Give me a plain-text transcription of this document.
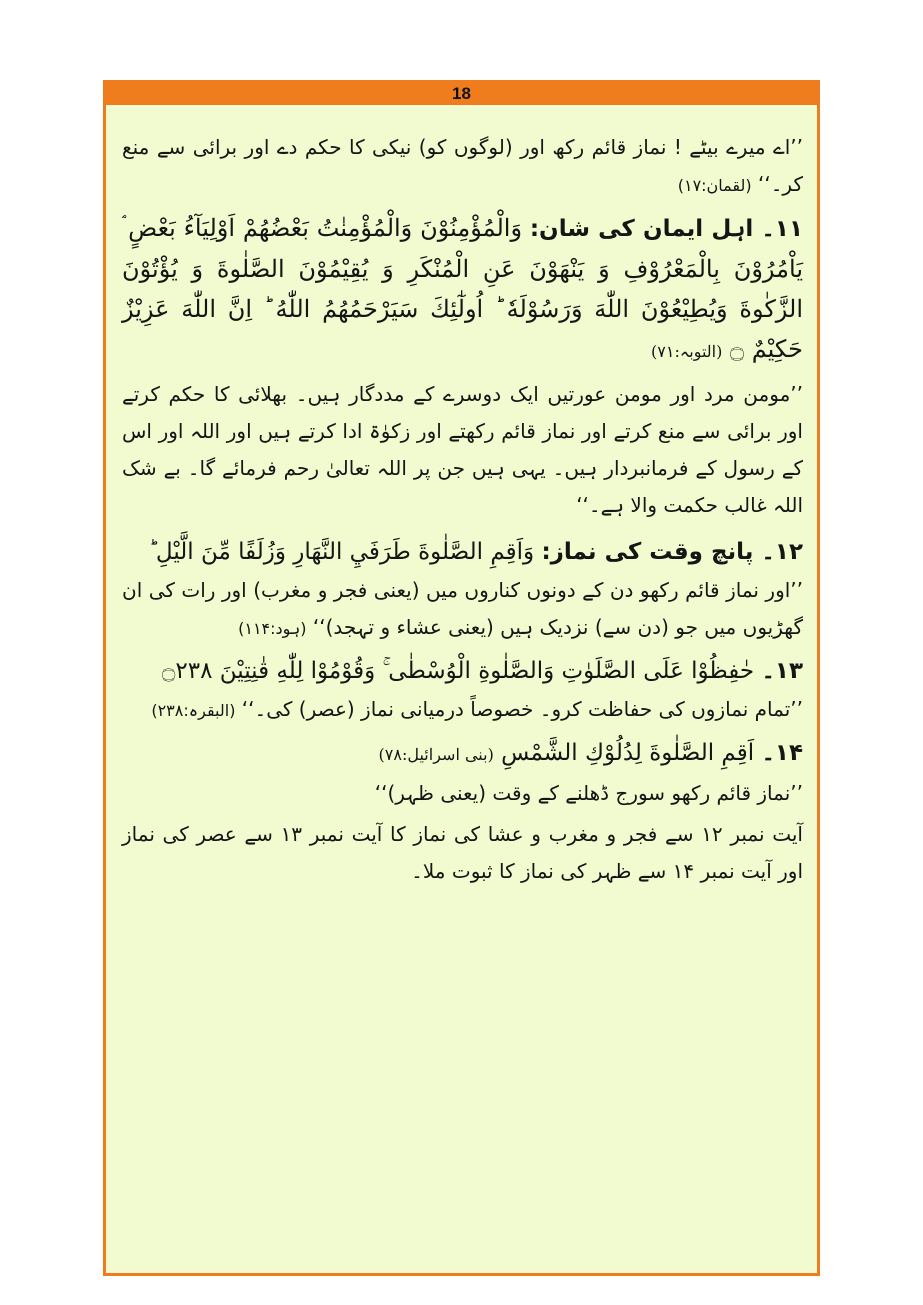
18

’’اے میرے بیٹے ! نماز قائم رکھ اور (لوگوں کو) نیکی کا حکم دے اور برائی سے منع کر۔‘‘ (لقمان:۱۷)

۱۱۔ اہل ایمان کی شان: وَالْمُؤْمِنُوْنَ وَالْمُؤْمِنٰتُ بَعْضُهُمْ اَوْلِيَآءُ بَعْضٍ ۘ يَاْمُرُوْنَ بِالْمَعْرُوْفِ وَ يَنْهَوْنَ عَنِ الْمُنْكَرِ وَ يُقِيْمُوْنَ الصَّلٰوةَ وَ يُؤْتُوْنَ الزَّكٰوةَ وَيُطِيْعُوْنَ اللّٰهَ وَرَسُوْلَهٗ ؕ اُولٰٓئِكَ سَيَرْحَمُهُمُ اللّٰهُ ؕ اِنَّ اللّٰهَ عَزِيْزٌ حَكِيْمٌ ۝ (التوبہ:۷۱)

’’مومن مرد اور مومن عورتیں ایک دوسرے کے مددگار ہیں۔ بھلائی کا حکم کرتے اور برائی سے منع کرتے اور نماز قائم رکھتے اور زکوٰۃ ادا کرتے ہیں اور اللہ اور اس کے رسول کے فرمانبردار ہیں۔ یہی ہیں جن پر اللہ تعالیٰ رحم فرمائے گا۔ بے شک اللہ غالب حکمت والا ہے۔‘‘

۱۲۔ پانچ وقت کی نماز: وَاَقِمِ الصَّلٰوةَ طَرَفَيِ النَّهَارِ وَزُلَفًا مِّنَ الَّيْلِ ؕ

’’اور نماز قائم رکھو دن کے دونوں کناروں میں (یعنی فجر و مغرب) اور رات کی ان گھڑیوں میں جو (دن سے) نزدیک ہیں (یعنی عشاء و تہجد)‘‘ (ہود:۱۱۴)

۱۳۔ حٰفِظُوْا عَلَى الصَّلَوٰتِ وَالصَّلٰوةِ الْوُسْطٰى ۚ وَقُوْمُوْا لِلّٰهِ قٰنِتِيْنَ ۝۲۳۸

’’تمام نمازوں کی حفاظت کرو۔ خصوصاً درمیانی نماز (عصر) کی۔‘‘ (البقرہ:۲۳۸)

۱۴۔ اَقِمِ الصَّلٰوةَ لِدُلُوْكِ الشَّمْسِ (بنی اسرائیل:۷۸)

’’نماز قائم رکھو سورج ڈھلنے کے وقت (یعنی ظہر)‘‘

آیت نمبر ۱۲ سے فجر و مغرب و عشا کی نماز کا آیت نمبر ۱۳ سے عصر کی نماز اور آیت نمبر ۱۴ سے ظہر کی نماز کا ثبوت ملا۔
